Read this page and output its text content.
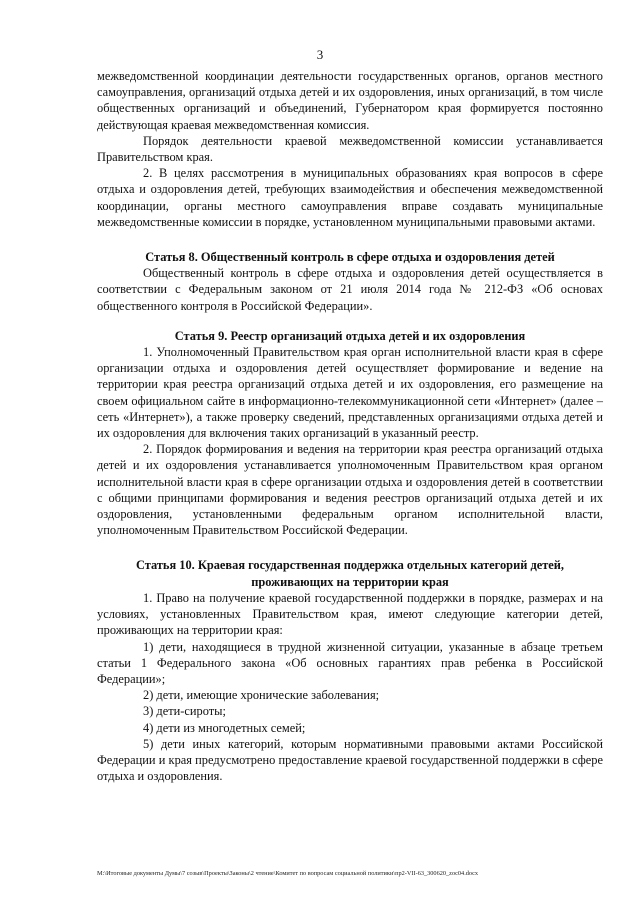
3

межведомственной координации деятельности государственных органов, органов местного самоуправления, организаций отдыха детей и их оздоровления, иных организаций, в том числе общественных организаций и объединений, Губернатором края формируется постоянно действующая краевая межведомственная комиссия.

Порядок деятельности краевой межведомственной комиссии устанавливается Правительством края.

2. В целях рассмотрения в муниципальных образованиях края вопросов в сфере отдыха и оздоровления детей, требующих взаимодействия и обеспечения межведомственной координации, органы местного самоуправления вправе создавать муниципальные межведомственные комиссии в порядке, установленном муниципальными правовыми актами.

Статья 8. Общественный контроль в сфере отдыха и оздоровления детей

Общественный контроль в сфере отдыха и оздоровления детей осуществляется в соответствии с Федеральным законом от 21 июля 2014 года № 212-ФЗ «Об основах общественного контроля в Российской Федерации».

Статья 9. Реестр организаций отдыха детей и их оздоровления

1. Уполномоченный Правительством края орган исполнительной власти края в сфере организации отдыха и оздоровления детей осуществляет формирование и ведение на территории края реестра организаций отдыха детей и их оздоровления, его размещение на своем официальном сайте в информационно-телекоммуникационной сети «Интернет» (далее – сеть «Интернет»), а также проверку сведений, представленных организациями отдыха детей и их оздоровления для включения таких организаций в указанный реестр.

2. Порядок формирования и ведения на территории края реестра организаций отдыха детей и их оздоровления устанавливается уполномоченным Правительством края органом исполнительной власти края в сфере организации отдыха и оздоровления детей в соответствии с общими принципами формирования и ведения реестров организаций отдыха детей и их оздоровления, установленными федеральным органом исполнительной власти, уполномоченным Правительством Российской Федерации.

Статья 10. Краевая государственная поддержка отдельных категорий детей, проживающих на территории края

1. Право на получение краевой государственной поддержки в порядке, размерах и на условиях, установленных Правительством края, имеют следующие категории детей, проживающих на территории края:

1) дети, находящиеся в трудной жизненной ситуации, указанные в абзаце третьем статьи 1 Федерального закона «Об основных гарантиях прав ребенка в Российской Федерации»;

2) дети, имеющие хронические заболевания;

3) дети-сироты;

4) дети из многодетных семей;

5) дети иных категорий, которым нормативными правовыми актами Российской Федерации и края предусмотрено предоставление краевой государственной поддержки в сфере отдыха и оздоровления.

M:\Итоговые документы Думы\7 созыв\Проекты\Законы\2 чтение\Комитет по вопросам социальной политики\пр2-VII-63_300620_zoc04.docx
